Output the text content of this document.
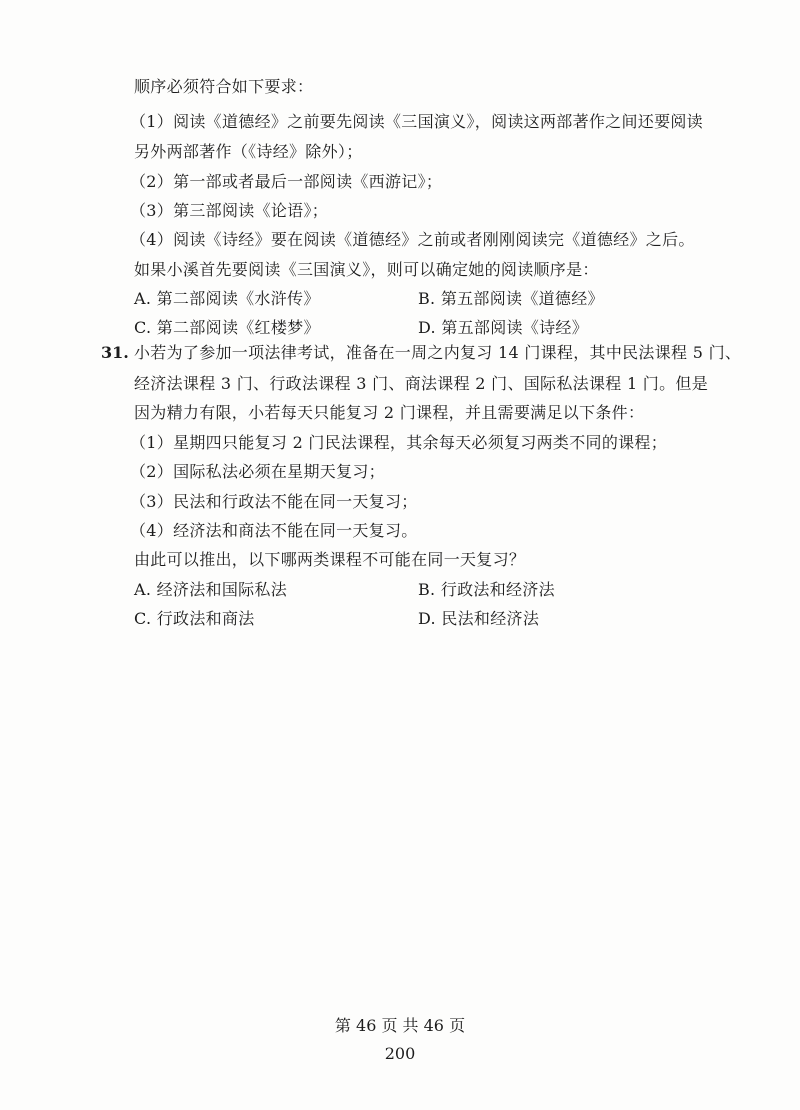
顺序必须符合如下要求：
（1）阅读《道德经》之前要先阅读《三国演义》，阅读这两部著作之间还要阅读
另外两部著作（《诗经》除外）；
（2）第一部或者最后一部阅读《西游记》；
（3）第三部阅读《论语》；
（4）阅读《诗经》要在阅读《道德经》之前或者刚刚阅读完《道德经》之后。
如果小溪首先要阅读《三国演义》，则可以确定她的阅读顺序是：
A. 第二部阅读《水浒传》	B. 第五部阅读《道德经》
C. 第二部阅读《红楼梦》	D. 第五部阅读《诗经》
31. 小若为了参加一项法律考试，准备在一周之内复习 14 门课程，其中民法课程 5 门、
经济法课程 3 门、行政法课程 3 门、商法课程 2 门、国际私法课程 1 门。但是
因为精力有限，小若每天只能复习 2 门课程，并且需要满足以下条件：
（1）星期四只能复习 2 门民法课程，其余每天必须复习两类不同的课程；
（2）国际私法必须在星期天复习；
（3）民法和行政法不能在同一天复习；
（4）经济法和商法不能在同一天复习。
由此可以推出，以下哪两类课程不可能在同一天复习？
A. 经济法和国际私法	B. 行政法和经济法
C. 行政法和商法	D. 民法和经济法
第 46 页 共 46 页
200
